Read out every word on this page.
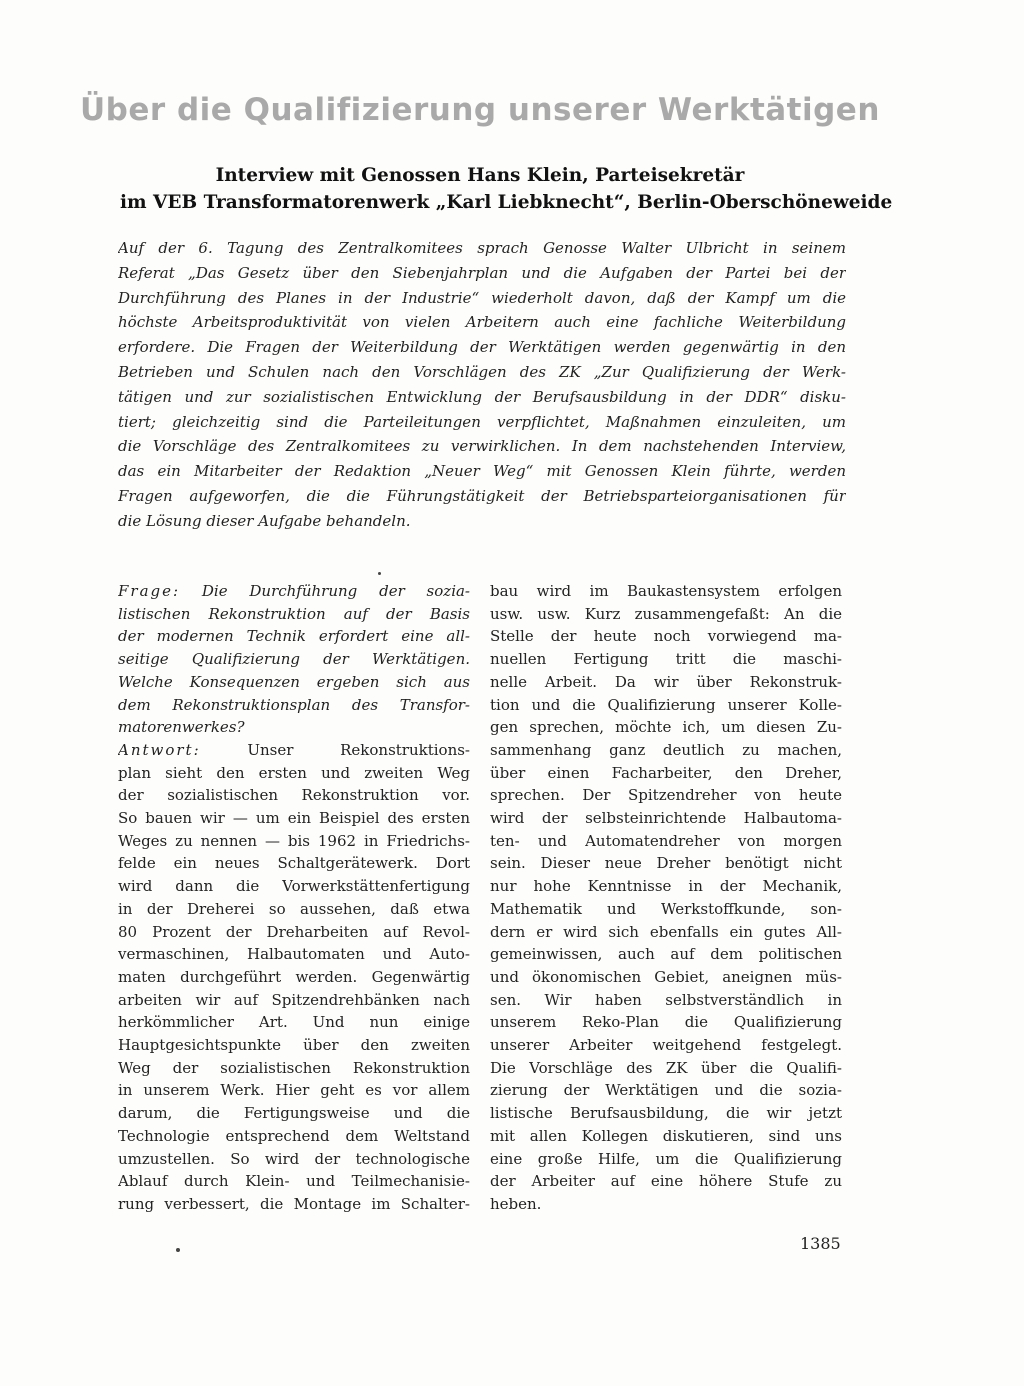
Über die Qualifizierung unserer Werktätigen
Interview mit Genossen Hans Klein, Parteisekretär
im VEB Transformatorenwerk „Karl Liebknecht“, Berlin-Oberschöneweide
Auf der 6. Tagung des Zentralkomitees sprach Genosse Walter Ulbricht in seinem
Referat „Das Gesetz über den Siebenjahrplan und die Aufgaben der Partei bei der
Durchführung des Planes in der Industrie“ wiederholt davon, daß der Kampf um die
höchste Arbeitsproduktivität von vielen Arbeitern auch eine fachliche Weiterbildung
erfordere. Die Fragen der Weiterbildung der Werktätigen werden gegenwärtig in den
Betrieben und Schulen nach den Vorschlägen des ZK „Zur Qualifizierung der Werk-
tätigen und zur sozialistischen Entwicklung der Berufsausbildung in der DDR“ disku-
tiert; gleichzeitig sind die Parteileitungen verpflichtet, Maßnahmen einzuleiten, um
die Vorschläge des Zentralkomitees zu verwirklichen. In dem nachstehenden Interview,
das ein Mitarbeiter der Redaktion „Neuer Weg“ mit Genossen Klein führte, werden
Fragen aufgeworfen, die die Führungstätigkeit der Betriebsparteiorganisationen für
die Lösung dieser Aufgabe behandeln.
Frage: Die Durchführung der sozia-
listischen Rekonstruktion auf der Basis
der modernen Technik erfordert eine all-
seitige Qualifizierung der Werktätigen.
Welche Konsequenzen ergeben sich aus
dem Rekonstruktionsplan des Transfor-
matorenwerkes?
Antwort: Unser Rekonstruktions-
plan sieht den ersten und zweiten Weg
der sozialistischen Rekonstruktion vor.
So bauen wir — um ein Beispiel des ersten
Weges zu nennen — bis 1962 in Friedrichs-
felde ein neues Schaltgerätewerk. Dort
wird dann die Vorwerkstättenfertigung
in der Dreherei so aussehen, daß etwa
80 Prozent der Dreharbeiten auf Revol-
vermaschinen, Halbautomaten und Auto-
maten durchgeführt werden. Gegenwärtig
arbeiten wir auf Spitzendrehbänken nach
herkömmlicher Art. Und nun einige
Hauptgesichtspunkte über den zweiten
Weg der sozialistischen Rekonstruktion
in unserem Werk. Hier geht es vor allem
darum, die Fertigungsweise und die
Technologie entsprechend dem Weltstand
umzustellen. So wird der technologische
Ablauf durch Klein- und Teilmechanisie-
rung verbessert, die Montage im Schalter-
bau wird im Baukastensystem erfolgen
usw. usw. Kurz zusammengefaßt: An die
Stelle der heute noch vorwiegend ma-
nuellen Fertigung tritt die maschi-
nelle Arbeit. Da wir über Rekonstruk-
tion und die Qualifizierung unserer Kolle-
gen sprechen, möchte ich, um diesen Zu-
sammenhang ganz deutlich zu machen,
über einen Facharbeiter, den Dreher,
sprechen. Der Spitzendreher von heute
wird der selbsteinrichtende Halbautoma-
ten- und Automatendreher von morgen
sein. Dieser neue Dreher benötigt nicht
nur hohe Kenntnisse in der Mechanik,
Mathematik und Werkstoffkunde, son-
dern er wird sich ebenfalls ein gutes All-
gemeinwissen, auch auf dem politischen
und ökonomischen Gebiet, aneignen müs-
sen. Wir haben selbstverständlich in
unserem Reko-Plan die Qualifizierung
unserer Arbeiter weitgehend festgelegt.
Die Vorschläge des ZK über die Qualifi-
zierung der Werktätigen und die sozia-
listische Berufsausbildung, die wir jetzt
mit allen Kollegen diskutieren, sind uns
eine große Hilfe, um die Qualifizierung
der Arbeiter auf eine höhere Stufe zu
heben.
1385
